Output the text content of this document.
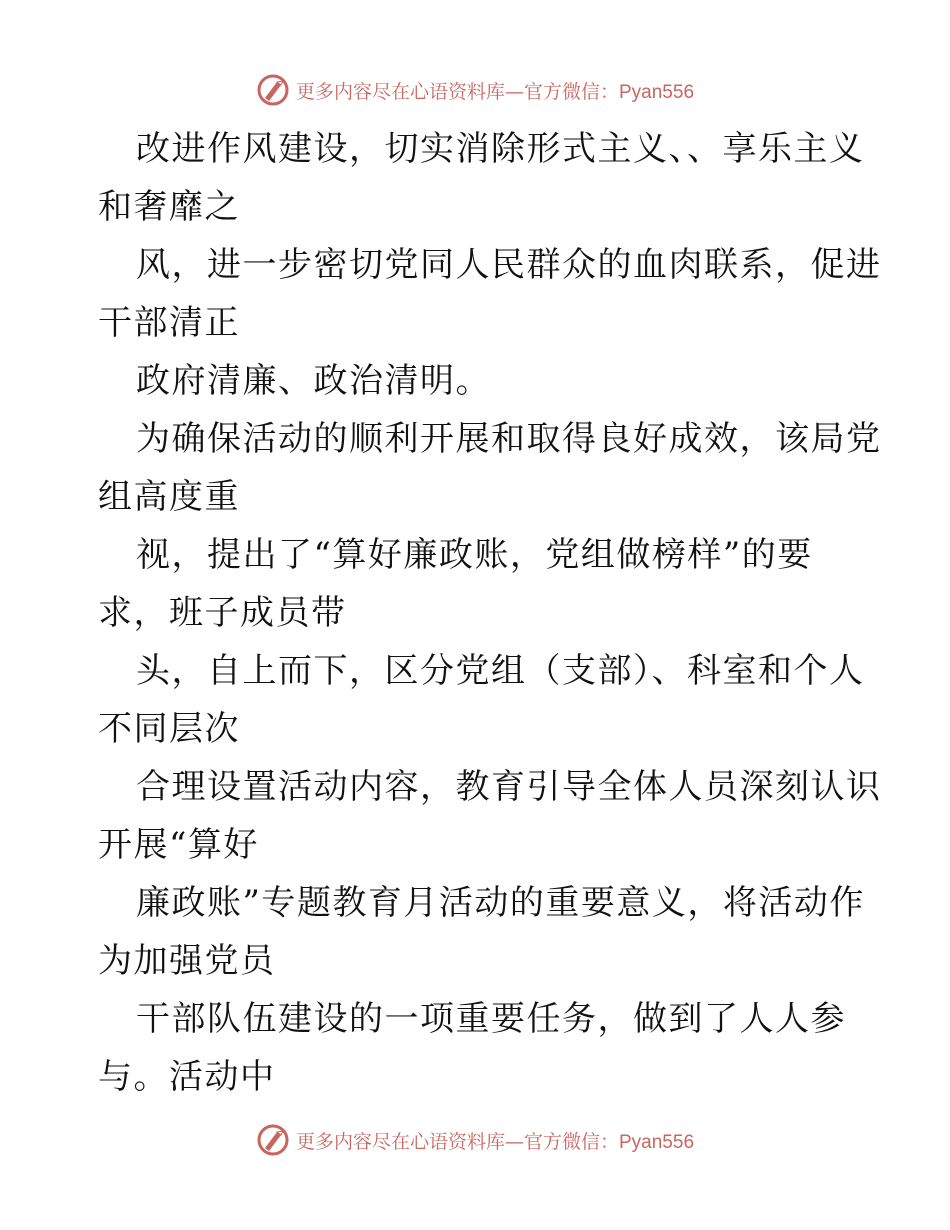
更多内容尽在心语资料库—官方微信：Pyan556

改进作风建设，切实消除形式主义、、享乐主义
和奢靡之

风，进一步密切党同人民群众的血肉联系，促进
干部清正

政府清廉、政治清明。

为确保活动的顺利开展和取得良好成效，该局党
组高度重

视，提出了“算好廉政账，党组做榜样”的要
求，班子成员带

头，自上而下，区分党组（支部）、科室和个人
不同层次

合理设置活动内容，教育引导全体人员深刻认识
开展“算好

廉政账”专题教育月活动的重要意义，将活动作
为加强党员

干部队伍建设的一项重要任务，做到了人人参
与。活动中

更多内容尽在心语资料库—官方微信：Pyan556
